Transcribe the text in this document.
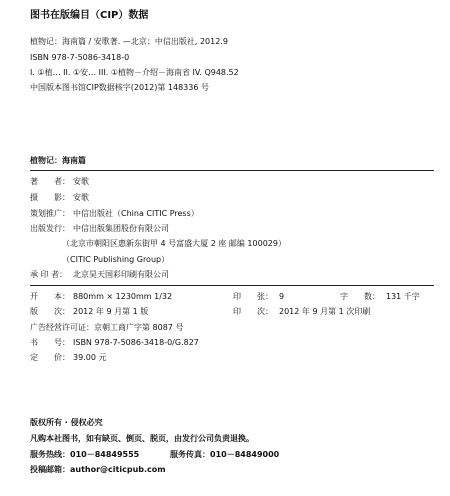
图书在版编目（CIP）数据
植物记：海南篇 / 安歌著. —北京：中信出版社, 2012.9
ISBN 978-7-5086-3418-0
I. ①植… II. ①安… III. ①植物－介绍－海南省 IV. Q948.52
中国版本图书馆CIP数据核字(2012)第 148336 号
植物记：海南篇
著　　者： 安歌
摄　　影： 安歌
策划推广： 中信出版社（China CITIC Press）
出版发行： 中信出版集团股份有限公司
（北京市朝阳区惠新东街甲 4 号富盛大厦 2 座 邮编 100029）
（CITIC Publishing Group）
承 印 者： 北京昊天国彩印刷有限公司
开　　本： 880mm × 1230mm 1/32	印　　张： 9	字　　数： 131 千字
版　　次： 2012 年 9 月第 1 版	印　　次： 2012 年 9 月第 1 次印刷
广告经营许可证：京朝工商广字第 8087 号
书　　号： ISBN 978-7-5086-3418-0/G.827
定　　价： 39.00 元
版权所有 · 侵权必究
凡购本社图书，如有缺页、倒页、脱页，由发行公司负责退换。
服务热线：010－84849555	服务传真：010－84849000
投稿邮箱：author@citicpub.com
